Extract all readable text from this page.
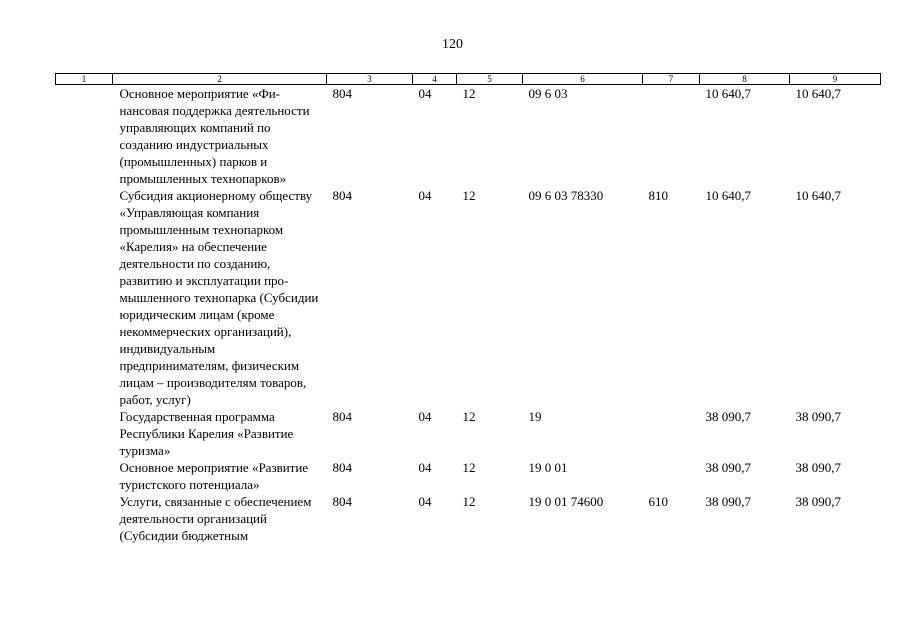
120
1	2	3	4	5	6	7	8	9
	Основное мероприятие «Финансовая поддержка деятельности управляющих компаний по созданию индустриальных (промышленных) парков и промышленных технопарков»	804	04	12	09 6 03		10 640,7	10 640,7
	Субсидия акционерному обществу «Управляющая компания промышленным технопарком «Карелия» на обеспечение деятельности по созданию, развитию и эксплуатации промышленного технопарка (Субсидии юридическим лицам (кроме некоммерческих организаций), индивидуальным предпринимателям, физическим лицам – производителям товаров, работ, услуг)	804	04	12	09 6 03 78330	810	10 640,7	10 640,7
	Государственная программа Республики Карелия «Развитие туризма»	804	04	12	19		38 090,7	38 090,7
	Основное мероприятие «Развитие туристского потенциала»	804	04	12	19 0 01		38 090,7	38 090,7
	Услуги, связанные с обеспечением деятельности организаций (Субсидии бюджетным	804	04	12	19 0 01 74600	610	38 090,7	38 090,7
